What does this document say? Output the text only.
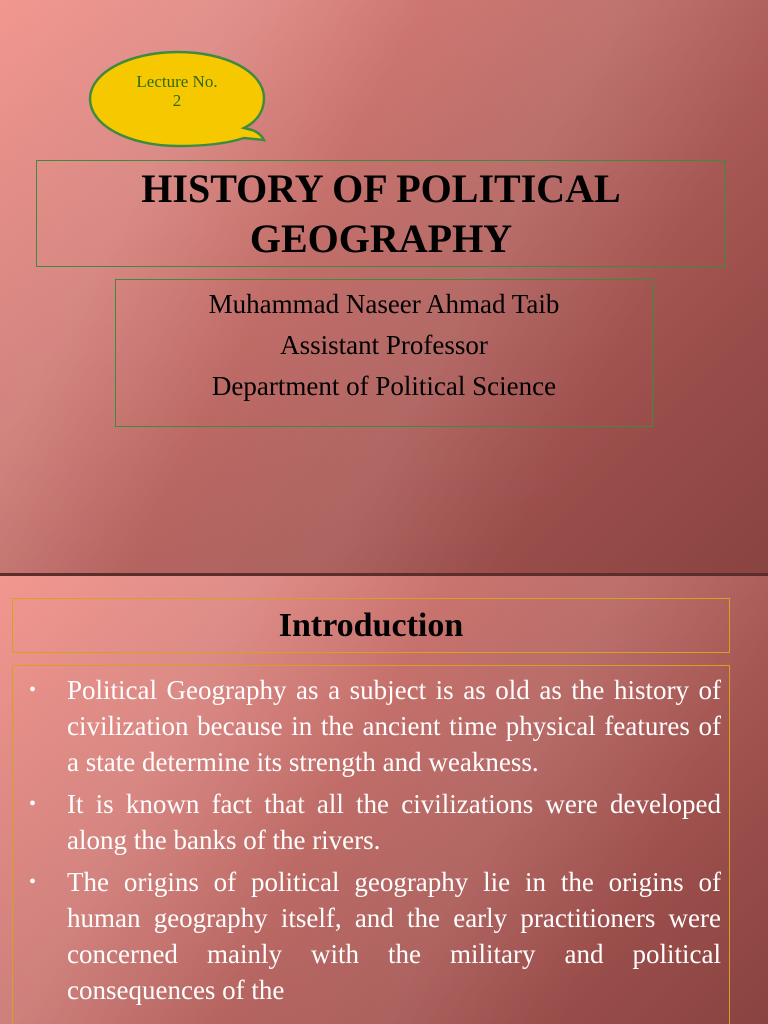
Lecture No.
2
HISTORY OF POLITICAL GEOGRAPHY
Muhammad Naseer Ahmad Taib
Assistant Professor
Department of Political Science
Introduction
• Political Geography as a subject is as old as the history of civilization because in the ancient time physical features of a state determine its strength and weakness.
• It is known fact that all the civilizations were developed along the banks of the rivers.
• The origins of political geography lie in the origins of human geography itself, and the early practitioners were concerned mainly with the military and political consequences of the
